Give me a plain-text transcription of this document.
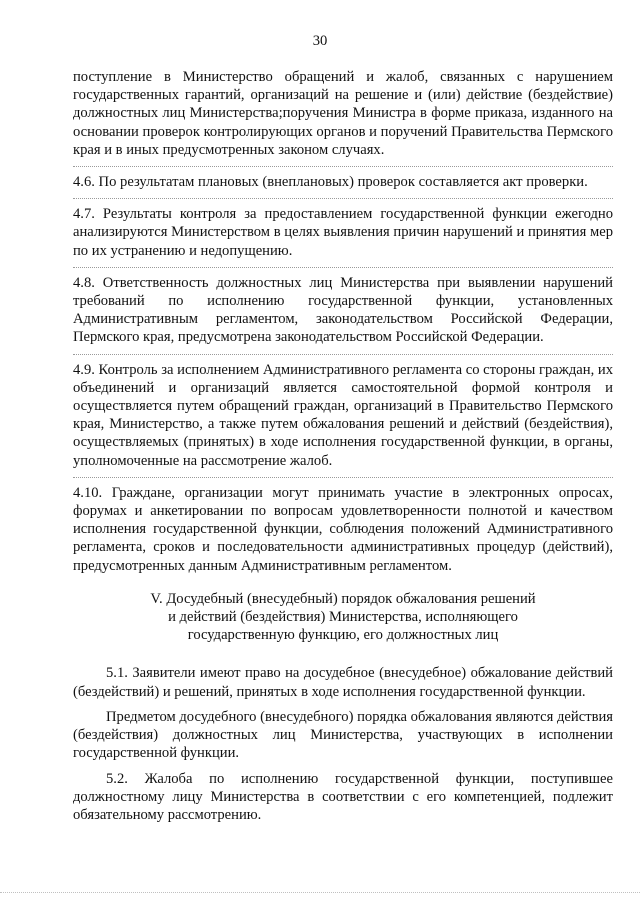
30

поступление в Министерство обращений и жалоб, связанных с нарушением государственных гарантий, организаций на решение и (или) действие (бездействие) должностных лиц Министерства;поручения Министра в форме приказа, изданного на основании проверок контролирующих органов и поручений Правительства Пермского края и в иных предусмотренных законом случаях.

4.6. По результатам плановых (внеплановых) проверок составляется акт проверки.

4.7. Результаты контроля за предоставлением государственной функции ежегодно анализируются Министерством в целях выявления причин нарушений и принятия мер по их устранению и недопущению.

4.8. Ответственность должностных лиц Министерства при выявлении нарушений требований по исполнению государственной функции, установленных Административным регламентом, законодательством Российской Федерации, Пермского края, предусмотрена законодательством Российской Федерации.

4.9. Контроль за исполнением Административного регламента со стороны граждан, их объединений и организаций является самостоятельной формой контроля и осуществляется путем обращений граждан, организаций в Правительство Пермского края, Министерство, а также путем обжалования решений и действий (бездействия), осуществляемых (принятых) в ходе исполнения государственной функции, в органы, уполномоченные на рассмотрение жалоб.

4.10. Граждане, организации могут принимать участие в электронных опросах, форумах и анкетировании по вопросам удовлетворенности полнотой и качеством исполнения государственной функции, соблюдения положений Административного регламента, сроков и последовательности административных процедур (действий), предусмотренных данным Административным регламентом.

V. Досудебный (внесудебный) порядок обжалования решений
и действий (бездействия) Министерства, исполняющего
государственную функцию, его должностных лиц

5.1. Заявители имеют право на досудебное (внесудебное) обжалование действий (бездействий) и решений, принятых в ходе исполнения государственной функции.

Предметом досудебного (внесудебного) порядка обжалования являются действия (бездействия) должностных лиц Министерства, участвующих в исполнении государственной функции.

5.2. Жалоба по исполнению государственной функции, поступившее должностному лицу Министерства в соответствии с его компетенцией, подлежит обязательному рассмотрению.
